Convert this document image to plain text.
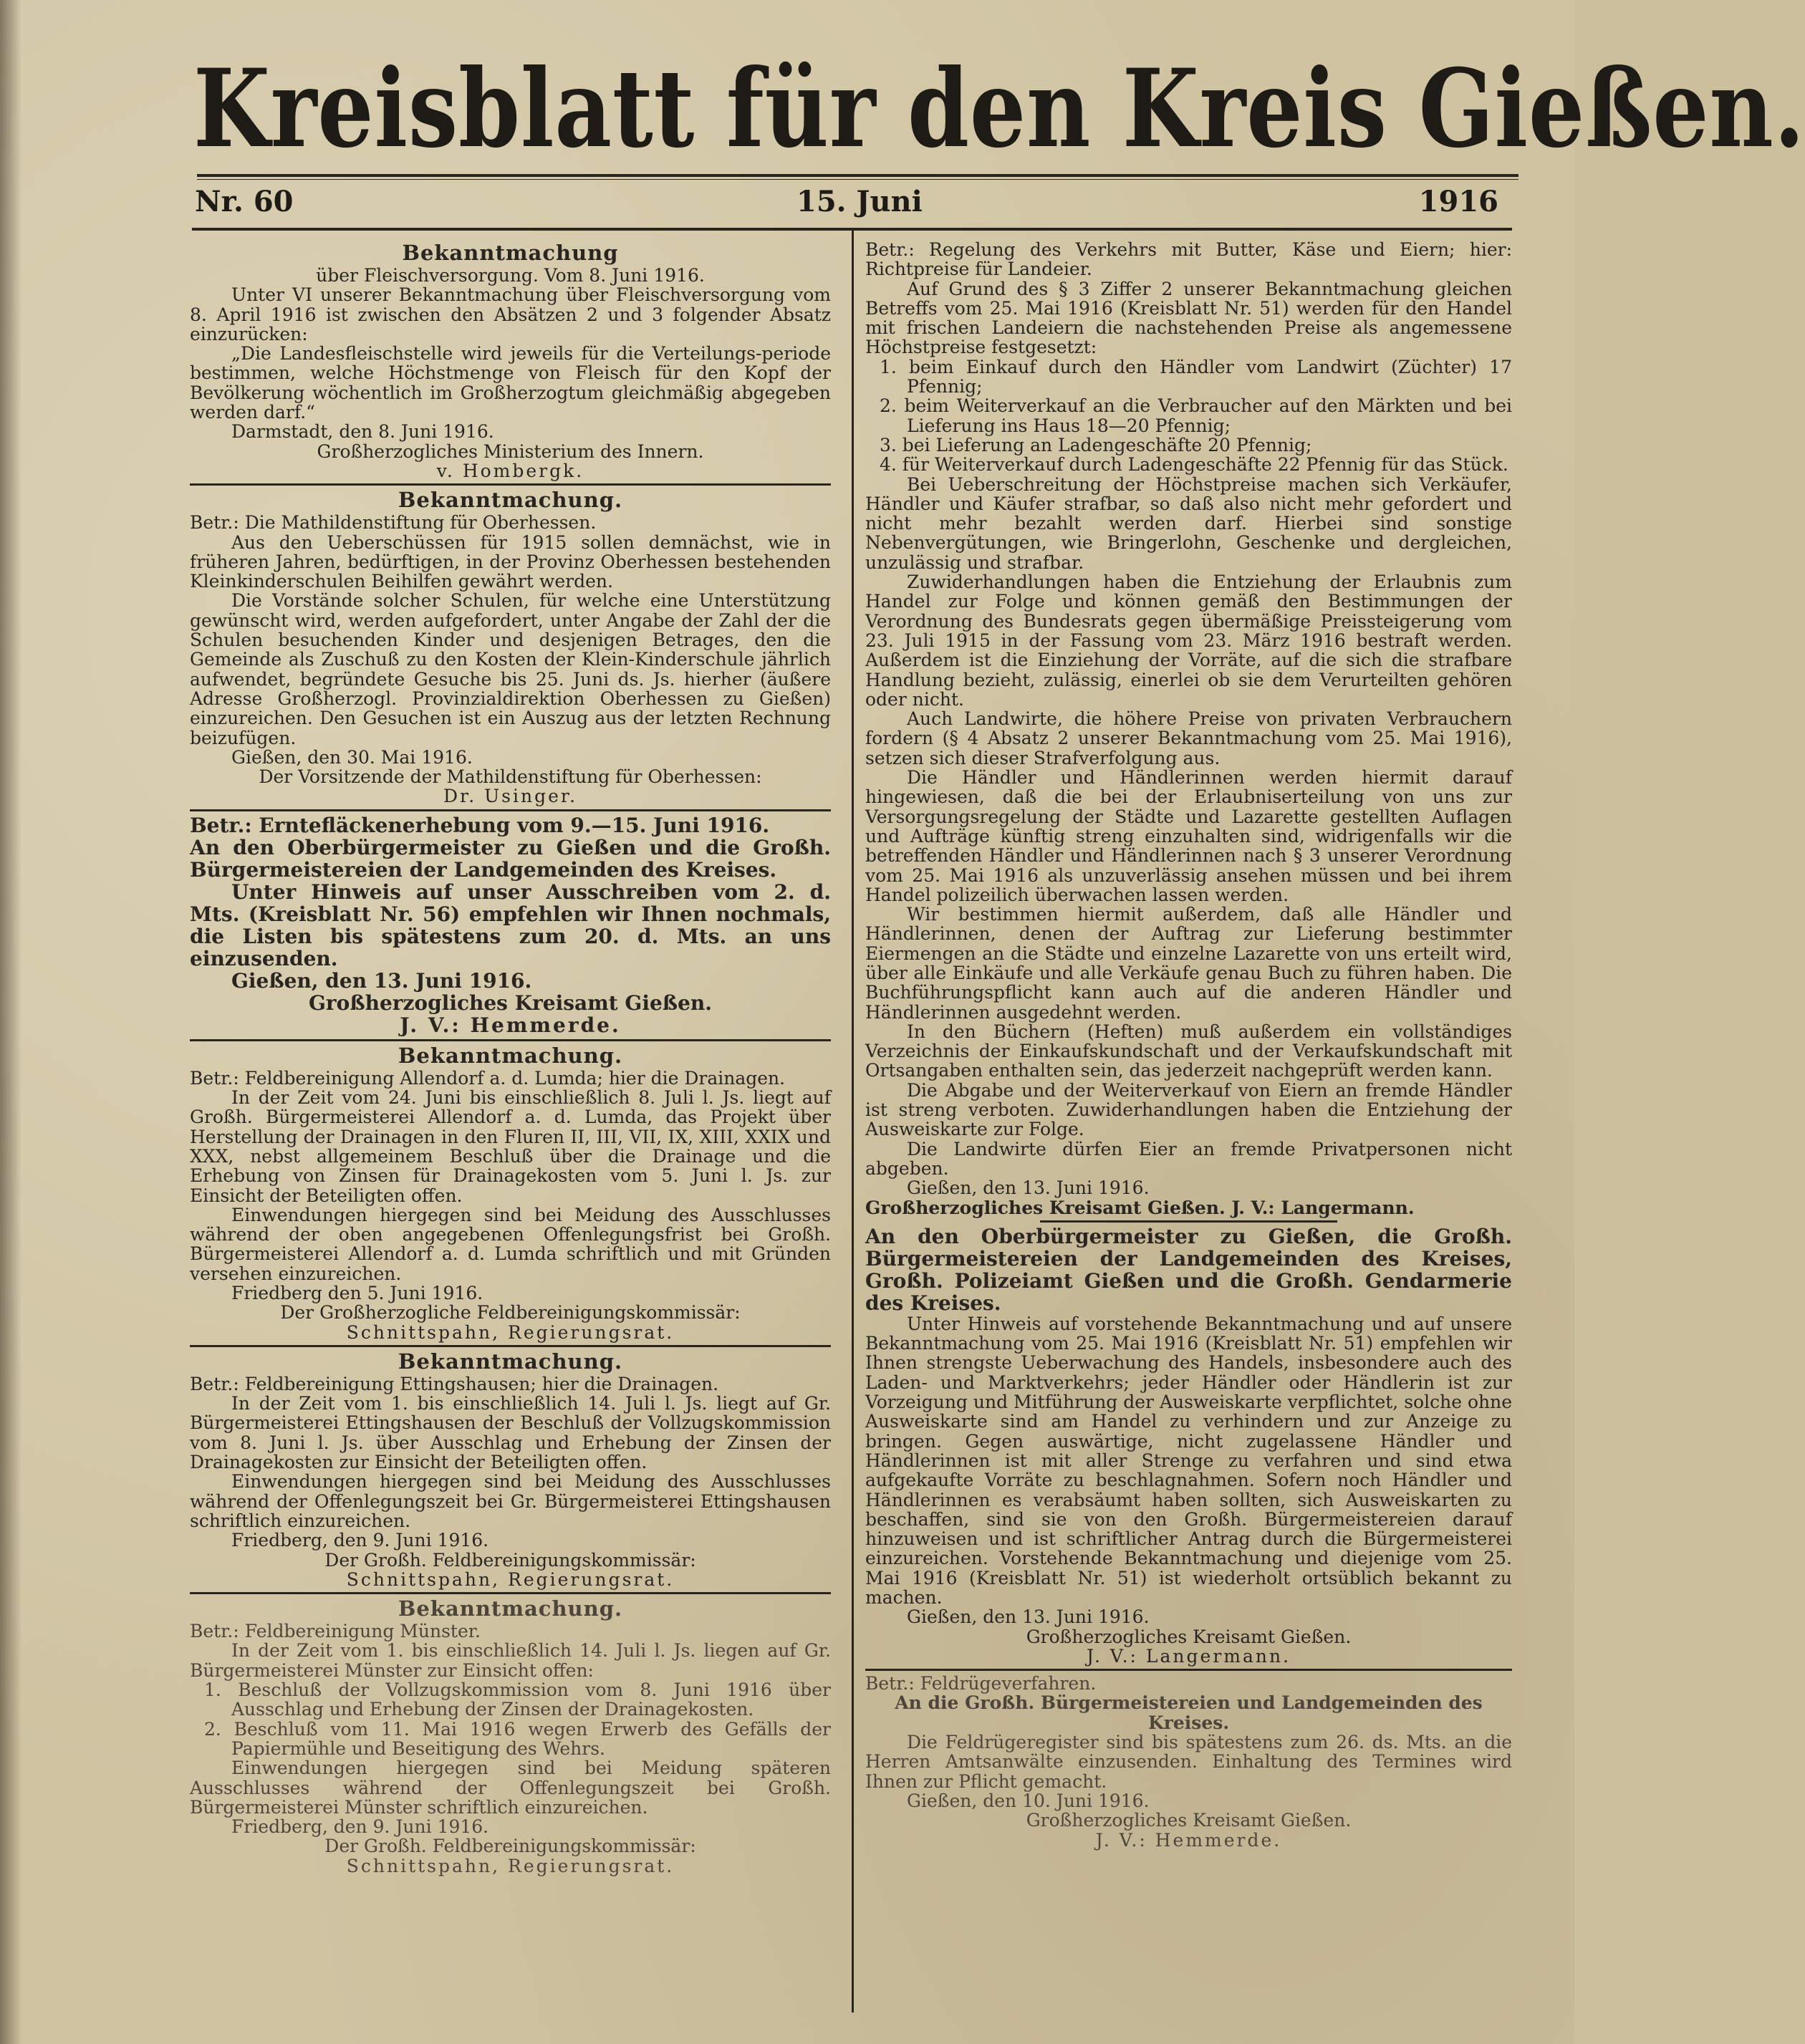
Kreisblatt für den Kreis Gießen.
Nr. 60	15. Juni	1916
Bekanntmachung

über Fleischversorgung. Vom 8. Juni 1916.

Unter VI unserer Bekanntmachung über Fleischversorgung vom 8. April 1916 ist zwischen den Absätzen 2 und 3 folgender Absatz einzurücken:

„Die Landesfleischstelle wird jeweils für die Verteilungs-periode bestimmen, welche Höchstmenge von Fleisch für den Kopf der Bevölkerung wöchentlich im Großherzogtum gleichmäßig abgegeben werden darf.“

Darmstadt, den 8. Juni 1916.

Großherzogliches Ministerium des Innern.

v. Hombergk.

Bekanntmachung.

Betr.: Die Mathildenstiftung für Oberhessen.

Aus den Ueberschüssen für 1915 sollen demnächst, wie in früheren Jahren, bedürftigen, in der Provinz Oberhessen bestehenden Kleinkinderschulen Beihilfen gewährt werden.

Die Vorstände solcher Schulen, für welche eine Unterstützung gewünscht wird, werden aufgefordert, unter Angabe der Zahl der die Schulen besuchenden Kinder und desjenigen Betrages, den die Gemeinde als Zuschuß zu den Kosten der Klein-Kinderschule jährlich aufwendet, begründete Gesuche bis 25. Juni ds. Js. hierher (äußere Adresse Großherzogl. Provinzialdirektion Oberhessen zu Gießen) einzureichen. Den Gesuchen ist ein Auszug aus der letzten Rechnung beizufügen.

Gießen, den 30. Mai 1916.

Der Vorsitzende der Mathildenstiftung für Oberhessen:

Dr. Usinger.

Betr.: Erntefläckenerhebung vom 9.—15. Juni 1916.

An den Oberbürgermeister zu Gießen und die Großh. Bürgermeistereien der Landgemeinden des Kreises.

Unter Hinweis auf unser Ausschreiben vom 2. d. Mts. (Kreisblatt Nr. 56) empfehlen wir Ihnen nochmals, die Listen bis spätestens zum 20. d. Mts. an uns einzusenden.

Gießen, den 13. Juni 1916.

Großherzogliches Kreisamt Gießen.

J. V.: Hemmerde.

Bekanntmachung.

Betr.: Feldbereinigung Allendorf a. d. Lumda; hier die Drainagen.

In der Zeit vom 24. Juni bis einschließlich 8. Juli l. Js. liegt auf Großh. Bürgermeisterei Allendorf a. d. Lumda, das Projekt über Herstellung der Drainagen in den Fluren II, III, VII, IX, XIII, XXIX und XXX, nebst allgemeinem Beschluß über die Drainage und die Erhebung von Zinsen für Drainagekosten vom 5. Juni l. Js. zur Einsicht der Beteiligten offen.

Einwendungen hiergegen sind bei Meidung des Ausschlusses während der oben angegebenen Offenlegungsfrist bei Großh. Bürgermeisterei Allendorf a. d. Lumda schriftlich und mit Gründen versehen einzureichen.

Friedberg den 5. Juni 1916.

Der Großherzogliche Feldbereinigungskommissär:

Schnittspahn, Regierungsrat.

Bekanntmachung.

Betr.: Feldbereinigung Ettingshausen; hier die Drainagen.

In der Zeit vom 1. bis einschließlich 14. Juli l. Js. liegt auf Gr. Bürgermeisterei Ettingshausen der Beschluß der Vollzugskommission vom 8. Juni l. Js. über Ausschlag und Erhebung der Zinsen der Drainagekosten zur Einsicht der Beteiligten offen.

Einwendungen hiergegen sind bei Meidung des Ausschlusses während der Offenlegungszeit bei Gr. Bürgermeisterei Ettingshausen schriftlich einzureichen.

Friedberg, den 9. Juni 1916.

Der Großh. Feldbereinigungskommissär:

Schnittspahn, Regierungsrat.

Bekanntmachung.

Betr.: Feldbereinigung Münster.

In der Zeit vom 1. bis einschließlich 14. Juli l. Js. liegen auf Gr. Bürgermeisterei Münster zur Einsicht offen:

1. Beschluß der Vollzugskommission vom 8. Juni 1916 über Ausschlag und Erhebung der Zinsen der Drainagekosten.
2. Beschluß vom 11. Mai 1916 wegen Erwerb des Gefälls der Papiermühle und Beseitigung des Wehrs.

Einwendungen hiergegen sind bei Meidung späteren Ausschlusses während der Offenlegungszeit bei Großh. Bürgermeisterei Münster schriftlich einzureichen.

Friedberg, den 9. Juni 1916.

Der Großh. Feldbereinigungskommissär:

Schnittspahn, Regierungsrat.

Betr.: Regelung des Verkehrs mit Butter, Käse und Eiern; hier: Richtpreise für Landeier.

Auf Grund des § 3 Ziffer 2 unserer Bekanntmachung gleichen Betreffs vom 25. Mai 1916 (Kreisblatt Nr. 51) werden für den Handel mit frischen Landeiern die nachstehenden Preise als angemessene Höchstpreise festgesetzt:

1. beim Einkauf durch den Händler vom Landwirt (Züchter) 17 Pfennig;
2. beim Weiterverkauf an die Verbraucher auf den Märkten und bei Lieferung ins Haus 18—20 Pfennig;
3. bei Lieferung an Ladengeschäfte 20 Pfennig;
4. für Weiterverkauf durch Ladengeschäfte 22 Pfennig für das Stück.

Bei Ueberschreitung der Höchstpreise machen sich Verkäufer, Händler und Käufer strafbar, so daß also nicht mehr gefordert und nicht mehr bezahlt werden darf. Hierbei sind sonstige Nebenvergütungen, wie Bringerlohn, Geschenke und dergleichen, unzulässig und strafbar.

Zuwiderhandlungen haben die Entziehung der Erlaubnis zum Handel zur Folge und können gemäß den Bestimmungen der Verordnung des Bundesrats gegen übermäßige Preissteigerung vom 23. Juli 1915 in der Fassung vom 23. März 1916 bestraft werden. Außerdem ist die Einziehung der Vorräte, auf die sich die strafbare Handlung bezieht, zulässig, einerlei ob sie dem Verurteilten gehören oder nicht.

Auch Landwirte, die höhere Preise von privaten Verbrauchern fordern (§ 4 Absatz 2 unserer Bekanntmachung vom 25. Mai 1916), setzen sich dieser Strafverfolgung aus.

Die Händler und Händlerinnen werden hiermit darauf hingewiesen, daß die bei der Erlaubniserteilung von uns zur Versorgungsregelung der Städte und Lazarette gestellten Auflagen und Aufträge künftig streng einzuhalten sind, widrigenfalls wir die betreffenden Händler und Händlerinnen nach § 3 unserer Verordnung vom 25. Mai 1916 als unzuverlässig ansehen müssen und bei ihrem Handel polizeilich überwachen lassen werden.

Wir bestimmen hiermit außerdem, daß alle Händler und Händlerinnen, denen der Auftrag zur Lieferung bestimmter Eiermengen an die Städte und einzelne Lazarette von uns erteilt wird, über alle Einkäufe und alle Verkäufe genau Buch zu führen haben. Die Buchführungspflicht kann auch auf die anderen Händler und Händlerinnen ausgedehnt werden.

In den Büchern (Heften) muß außerdem ein vollständiges Verzeichnis der Einkaufskundschaft und der Verkaufskundschaft mit Ortsangaben enthalten sein, das jederzeit nachgeprüft werden kann.

Die Abgabe und der Weiterverkauf von Eiern an fremde Händler ist streng verboten. Zuwiderhandlungen haben die Entziehung der Ausweiskarte zur Folge.

Die Landwirte dürfen Eier an fremde Privatpersonen nicht abgeben.

Gießen, den 13. Juni 1916.

Großherzogliches Kreisamt Gießen. J. V.: Langermann.

An den Oberbürgermeister zu Gießen, die Großh. Bürgermeistereien der Landgemeinden des Kreises, Großh. Polizeiamt Gießen und die Großh. Gendarmerie des Kreises.

Unter Hinweis auf vorstehende Bekanntmachung und auf unsere Bekanntmachung vom 25. Mai 1916 (Kreisblatt Nr. 51) empfehlen wir Ihnen strengste Ueberwachung des Handels, insbesondere auch des Laden- und Marktverkehrs; jeder Händler oder Händlerin ist zur Vorzeigung und Mitführung der Ausweiskarte verpflichtet, solche ohne Ausweiskarte sind am Handel zu verhindern und zur Anzeige zu bringen. Gegen auswärtige, nicht zugelassene Händler und Händlerinnen ist mit aller Strenge zu verfahren und sind etwa aufgekaufte Vorräte zu beschlagnahmen. Sofern noch Händler und Händlerinnen es verabsäumt haben sollten, sich Ausweiskarten zu beschaffen, sind sie von den Großh. Bürgermeistereien darauf hinzuweisen und ist schriftlicher Antrag durch die Bürgermeisterei einzureichen. Vorstehende Bekanntmachung und diejenige vom 25. Mai 1916 (Kreisblatt Nr. 51) ist wiederholt ortsüblich bekannt zu machen.

Gießen, den 13. Juni 1916.

Großherzogliches Kreisamt Gießen.

J. V.: Langermann.

Betr.: Feldrügeverfahren.

An die Großh. Bürgermeistereien und Landgemeinden des Kreises.

Die Feldrügeregister sind bis spätestens zum 26. ds. Mts. an die Herren Amtsanwälte einzusenden. Einhaltung des Termines wird Ihnen zur Pflicht gemacht.

Gießen, den 10. Juni 1916.

Großherzogliches Kreisamt Gießen.

J. V.: Hemmerde.
